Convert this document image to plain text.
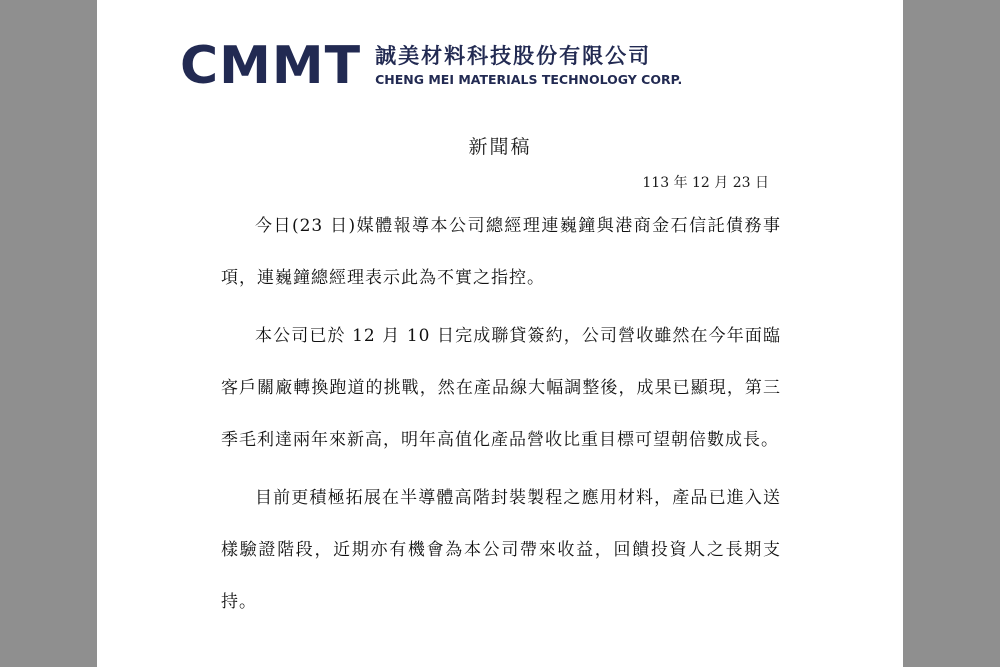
CMMT 誠美材料科技股份有限公司
CHENG MEI MATERIALS TECHNOLOGY CORP.
新聞稿
113 年 12 月 23 日

今日(23 日)媒體報導本公司總經理連巍鐘與港商金石信託債務事項，連巍鐘總經理表示此為不實之指控。

本公司已於 12 月 10 日完成聯貸簽約，公司營收雖然在今年面臨客戶關廠轉換跑道的挑戰，然在產品線大幅調整後，成果已顯現，第三季毛利達兩年來新高，明年高值化產品營收比重目標可望朝倍數成長。

目前更積極拓展在半導體高階封裝製程之應用材料，產品已進入送樣驗證階段，近期亦有機會為本公司帶來收益，回饋投資人之長期支持。
